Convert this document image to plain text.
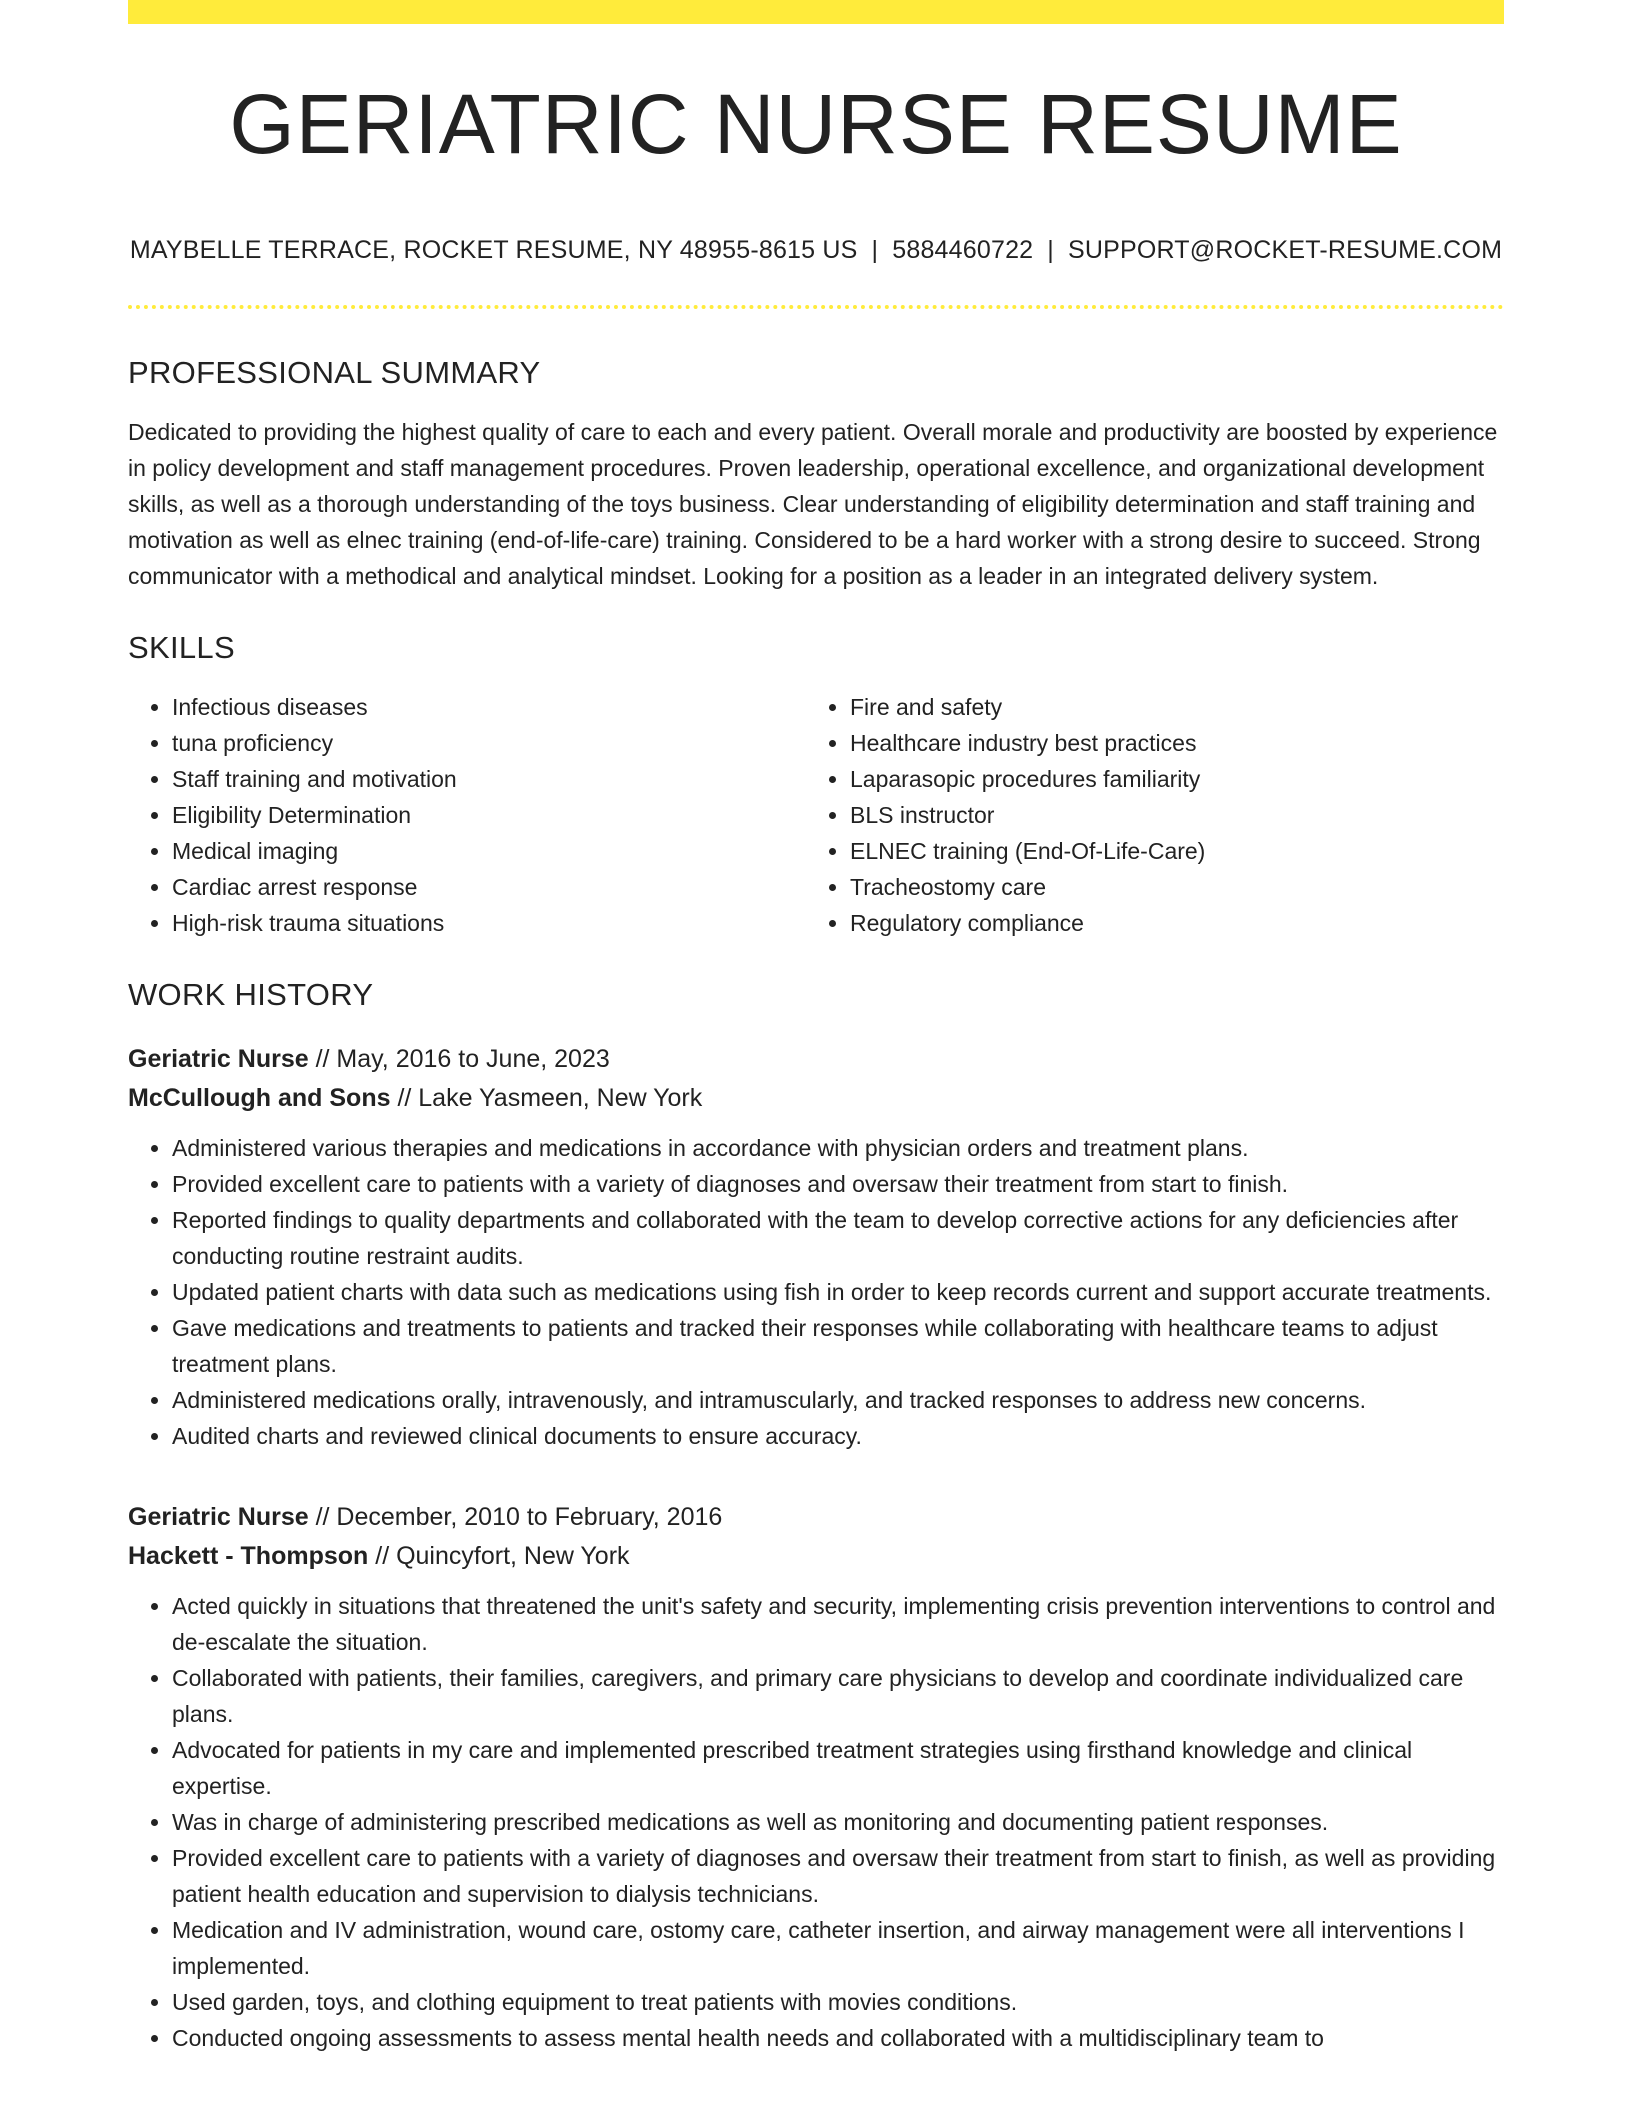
GERIATRIC NURSE RESUME
MAYBELLE TERRACE, ROCKET RESUME, NY 48955-8615 US | 5884460722 | SUPPORT@ROCKET-RESUME.COM
PROFESSIONAL SUMMARY

Dedicated to providing the highest quality of care to each and every patient. Overall morale and productivity are boosted by experience in policy development and staff management procedures. Proven leadership, operational excellence, and organizational development skills, as well as a thorough understanding of the toys business. Clear understanding of eligibility determination and staff training and motivation as well as elnec training (end-of-life-care) training. Considered to be a hard worker with a strong desire to succeed. Strong communicator with a methodical and analytical mindset. Looking for a position as a leader in an integrated delivery system.

SKILLS
• Infectious diseases
• tuna proficiency
• Staff training and motivation
• Eligibility Determination
• Medical imaging
• Cardiac arrest response
• High-risk trauma situations
• Fire and safety
• Healthcare industry best practices
• Laparasopic procedures familiarity
• BLS instructor
• ELNEC training (End-Of-Life-Care)
• Tracheostomy care
• Regulatory compliance
WORK HISTORY
Geriatric Nurse // May, 2016 to June, 2023
McCullough and Sons // Lake Yasmeen, New York
• Administered various therapies and medications in accordance with physician orders and treatment plans.
• Provided excellent care to patients with a variety of diagnoses and oversaw their treatment from start to finish.
• Reported findings to quality departments and collaborated with the team to develop corrective actions for any deficiencies after conducting routine restraint audits.
• Updated patient charts with data such as medications using fish in order to keep records current and support accurate treatments.
• Gave medications and treatments to patients and tracked their responses while collaborating with healthcare teams to adjust treatment plans.
• Administered medications orally, intravenously, and intramuscularly, and tracked responses to address new concerns.
• Audited charts and reviewed clinical documents to ensure accuracy.
Geriatric Nurse // December, 2010 to February, 2016
Hackett - Thompson // Quincyfort, New York
• Acted quickly in situations that threatened the unit's safety and security, implementing crisis prevention interventions to control and de-escalate the situation.
• Collaborated with patients, their families, caregivers, and primary care physicians to develop and coordinate individualized care plans.
• Advocated for patients in my care and implemented prescribed treatment strategies using firsthand knowledge and clinical expertise.
• Was in charge of administering prescribed medications as well as monitoring and documenting patient responses.
• Provided excellent care to patients with a variety of diagnoses and oversaw their treatment from start to finish, as well as providing patient health education and supervision to dialysis technicians.
• Medication and IV administration, wound care, ostomy care, catheter insertion, and airway management were all interventions I implemented.
• Used garden, toys, and clothing equipment to treat patients with movies conditions.
• Conducted ongoing assessments to assess mental health needs and collaborated with a multidisciplinary team to
